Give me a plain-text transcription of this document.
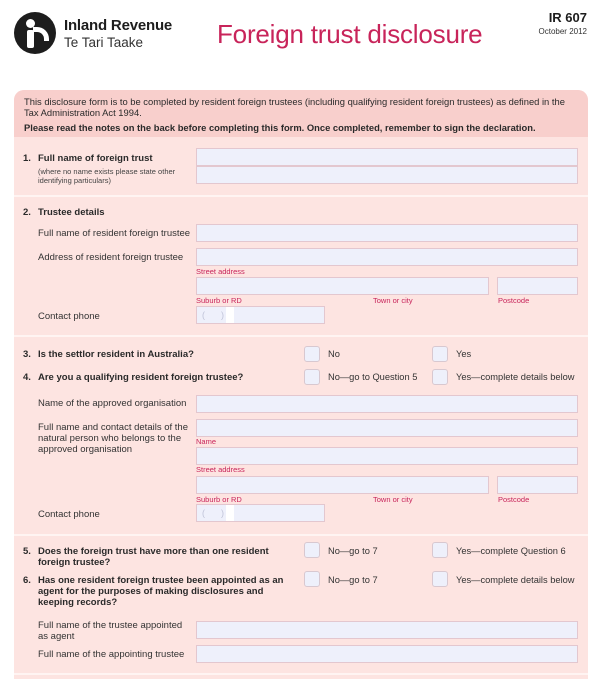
Inland Revenue
Te Tari Taake	Foreign trust disclosure
IR 607
October 2012
This disclosure form is to be completed by resident foreign trustees (including qualifying resident foreign trustees) as defined in the Tax Administration Act 1994.
Please read the notes on the back before completing this form. Once completed, remember to sign the declaration.
1. Full name of foreign trust
(where no name exists please state other identifying particulars)
2. Trustee details
Full name of resident foreign trustee
Address of resident foreign trustee
Street address
Suburb or RD	Town or city	Postcode
Contact phone	( )
3. Is the settlor resident in Australia?	No	Yes
4. Are you a qualifying resident foreign trustee?	No—go to Question 5	Yes—complete details below
Name of the approved organisation
Full name and contact details of the natural person who belongs to the approved organisation
Name
Street address
Suburb or RD	Town or city	Postcode
Contact phone	( )
5. Does the foreign trust have more than one resident foreign trustee?
No—go to 7	Yes—complete Question 6
6. Has one resident foreign trustee been appointed as an agent for the purposes of making disclosures and keeping records?
No—go to 7	Yes—complete details below
Full name of the trustee appointed as agent
Full name of the appointing trustee
